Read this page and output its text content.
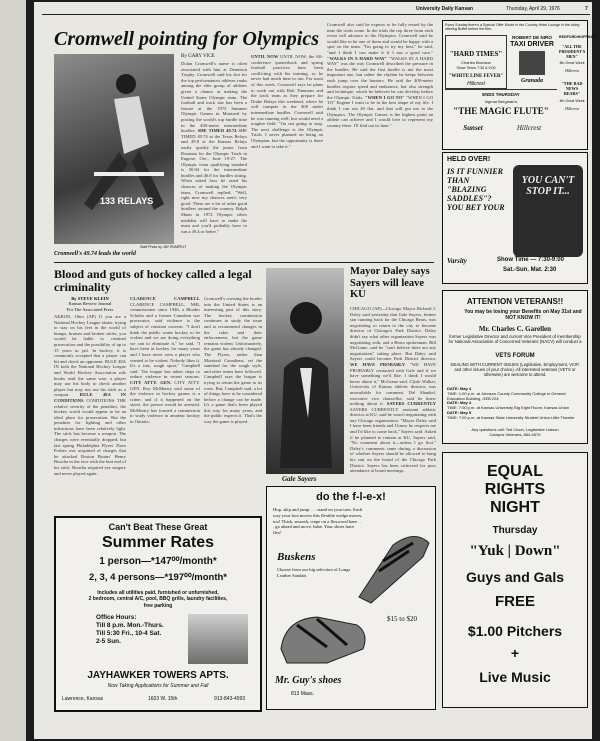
University Daily Kansan	Thursday, April 29, 1976	7
Cromwell pointing for Olympics
133 RELAYS
Staff Photo by JAY RUMPELT
Cromwell's 49.74 leads the world
By GARY VICE
Dolan Cromwell's name is often associated with him at Dennison Trophy. Cromwell said his slot for the top performances athletes ranks among the elite group of athletes given a chance at making the United States Olympic team. The football and track star has been a fixture at the 1975 Summer Olympic Games in Montreal by posting the world's top hurdle time in the 400-meter intermediate hurdles. SHE TIMED 49.74 SHE TIMED 49.74 at the Texas Relays and 49.8 at the Kansas Relays easily qualify the junior from Rosanna for the Olympic Trials in Eugene, Ore., June 19-27. The Olympic team qualifying standard is 50.04 for the intermediate hurdles and 46.8 for hurdles sitting. When asked how he rated his chances of making the Olympic team, Cromwell replied, "Well, right now my chances aren't very good. There are a lot of other good hurdlers around the country. Ralph Mann in 1972 Olympic silver medalist will have to make the team and you'd probably have to run a 49.4 or better."
UNTIL NOW UNTIL NOW, the All-conference quarterback and spring football practices have been conflicting with his training, so he never had much time to run. For most of this week, Cromwell says he plans to work out with Bob Timmons and the track team as they prepare for Drake Relays this weekend, where he will compete in the 400 meter intermediate hurdles. Cromwell said he was running well, but would need a tougher field. "I'm not going to stop. The next challenge is the Olympic Trials. I never planned on being an Olympian, but the opportunity is there and I want to take it."
Cromwell also said he expects to be fully rested by the time the trials come. In the trials the top three from each event will advance to the Olympics. Cromwell said he would like to be one of them and would be happy with a spot on the team. "I'm going to try my best," he said, "and I think I can make it if I run a good race." "WALKS IN A HARD WAY" "WALKS IN A HARD WAY" was the way Cromwell described the pressure in the hurdles. He said the first hurdle is not the most important one, but rather the rhythm he keeps between each jump over the barriers. He said the 400-meter hurdles require speed and endurance, but also strength and technique, which he believes he can develop before the Olympic Trials. "WHEN I GO TO" "WHEN I GO TO" Eugene I want to be in the best shape of my life. I think I can run 49 flat, and that will put me in the Olympics. The Olympic Games is the highest point an athlete can achieve and I would love to represent my country there. I'll find out in June."
Blood and guts of hockey called a legal criminality
By STEVE KLEIN
Kansas Review Journal
For The Associated Press
AKRON, Ohio (AP) If you are a National Hockey League skater, trying to stay on his feet in the world of bumps, bruises and broken sticks, you would be liable to criminal prosecution and the possibility of up to 15 years in jail. In hockey, it is commonly accepted that a player can hit and check an opponent. RULE 48A IN both the National Hockey League and World Hockey Association rule books read the same way: a player may use his body to check another player but may not use his stick as a weapon. RULE 48A IN CONDITIONS CONDITIONS THE relative severity of the penalties, the hockey world would appear to be an ideal place for prosecution. But the penalties for fighting and other infractions have been relatively light. The stick has become a weapon. The charges were eventually dropped, but last spring Philadelphia Flyers' Dave Forbes was acquitted of charges that he attacked Boston Bruins' Henry Boucha in the face with the butt end of his stick. Boucha required eye surgery and never played again.
CLARENCE CAMPBELL CLARENCE CAMPBELL, NHL commissioner since 1946, a Rhodes Scholar and a former Canadian war prosecutor, said violence is the subject of constant concern. "I don't think the public wants hockey to be violent and we are doing everything we can to eliminate it," he said. "I have been in hockey for many years and I have never seen a player who wanted to be violent. Nobody likes it. It's a fast, rough sport," Campbell said. The league has taken steps to reduce violence in recent seasons. CITY ATTY. GEN. CITY ATTY. GEN. Roy McMurtry said some of the violence in hockey games is a crime, and if it happened on the street, the person would be arrested. McMurtry has formed a commission to study violence in amateur hockey in Ontario.
Cromwell's crossing the border into the United States is an interesting part of this story. The hockey commission continues to study the issue and to recommend changes in the rules and their enforcement, but the game remains violent. Unfortunately, the game has already changed. The Flyers, rather than Montreal Canadiens, set the standard for the rough style, and other teams have followed. Campbell says the league is trying to return the game to its roots. But, Campbell said, a lot of things have to be considered before a change can be made. It's a game that's been played this way for many years, and the public expects it. That's the way the game is played.
Gale Sayers
Mayor Daley says Sayers will leave KU
CHICAGO (AP)—Chicago Mayor Richard J. Daley said yesterday that Gale Sayers, former star running back for the Chicago Bears, was negotiating to return to the city to become director of Chicago's Park District. Daley didn't say what other organization Sayers was negotiating with, and a Bears spokesman, Bill McGrane, said he "can't believe there are any negotiations" taking place. But Daley said Sayers could become Park District director. WE HAVE PROBABLY "WE HAVE PROBABLY contacted with Gale and if we have something we'd like. I think I would know about it," McGrane said. Clyde Walker, University of Kansas athletic director, was unavailable for comment. Del Shankel, executive vice chancellor, said he knew nothing about it. SAYERS CURRENTLY SAYERS CURRENTLY assistant athletic director at KU, said he wasn't negotiating with any Chicago organization. "Mayor Daley said I have been friends and I know he respects me and I'd like to come back," Sayers said. Asked if he planned to remain at KU, Sayers said, "No comment about it—unless I go first." Daley's comments came during a discussion of whether Sayers should be allowed to hang his suit on the board of the Chicago Park District. Sayers has been criticized for poor attendance at board meetings.
Every Sunday there's a Special Offer Movie in the Country Hotel Lounge in the lobby offering Buffet before the film.
"HARD TIMES"
Charles Bronson
Show Times 7:30 & 9:00
"WHITE LINE FEVER"
Hillcrest
ROBERT DE NIRO
TAXI DRIVER
Granada
REDFORD/HOFFMAN
"ALL THE PRESIDENT'S MEN"
4th Great Week
Hillcrest
"THE BAD NEWS BEARS"
4th Great Week
Hillcrest
ENDS THURSDAY
Ingmar Bergman's
"THE MAGIC FLUTE"
Sunset	Hillcrest
HELD OVER!
IS IT FUNNIER THAN "BLAZING SADDLES"? YOU BET YOUR
YOU CAN'T STOP IT...
Varsity	Show Time — 7:30-9:00
Sat.-Sun. Mat. 2:30
ATTENTION VETERANS!!
You may be losing your Benefits on May 31st and NOT KNOW IT!
Mr. Charles C. Garellen
former Legislative Director and current Vice President of membership for National Association of Concerned Veterans (NACV) will conduct a
VETS FORUM
DEALING WITH CURRENT ISSUES (Legislative, Employment, VCIP, and other issues of your choice). All interested veterans (VETS or otherwise) are welcome to attend.
DATE: May 4
TIME: 1:00 p.m. at Johnson County Community College in General Education Building, GEB 224
DATE: May 4
TIME: 7:00 p.m. at Kansas University Big Eight Room, Kansas Union
DATE: May 5
TIME: 7:00 p.m. at Kansas State University Student Union Little Theatre
Any questions call: Ted Cloon, Legislative Liaison
Campus Veterans, 864-4575
EQUAL
RIGHTS
NIGHT
Thursday
"Yuk | Down"
Guys and Gals
FREE
$1.00 Pitchers
+
Live Music
Can't Beat These Great
Summer Rates
1 person—*147⁰⁰/month*
2, 3, 4 persons—*197⁰⁰/month*
Includes all utilities paid, furnished or unfurnished,
2 bedroom, central A/C, pool, BBQ grills, laundry facilities,
free parking
Office Hours:
Till 8 p.m. Mon.-Thurs.
Till 5:30 Fri., 10-4 Sat.
2-5 Sun.
JAYHAWKER TOWERS APTS.
Now Taking Applications for Summer and Fall
Lawrence, Kansas	1603 W. 15th	913-843-4993
do the f-l-e-x!
Hop, skip and jump . . . stand on your toes. Each way your foot moves this flexible wedge moves, too! Thick, smooth, crepe on a flexwood base . . . go ahead and move, babe. Your shoes have flex!
Buskens
Choose from our big selection of Longs Leather Sandals
$15 to $20
Mr. Guy's shoes
813 Mass.
